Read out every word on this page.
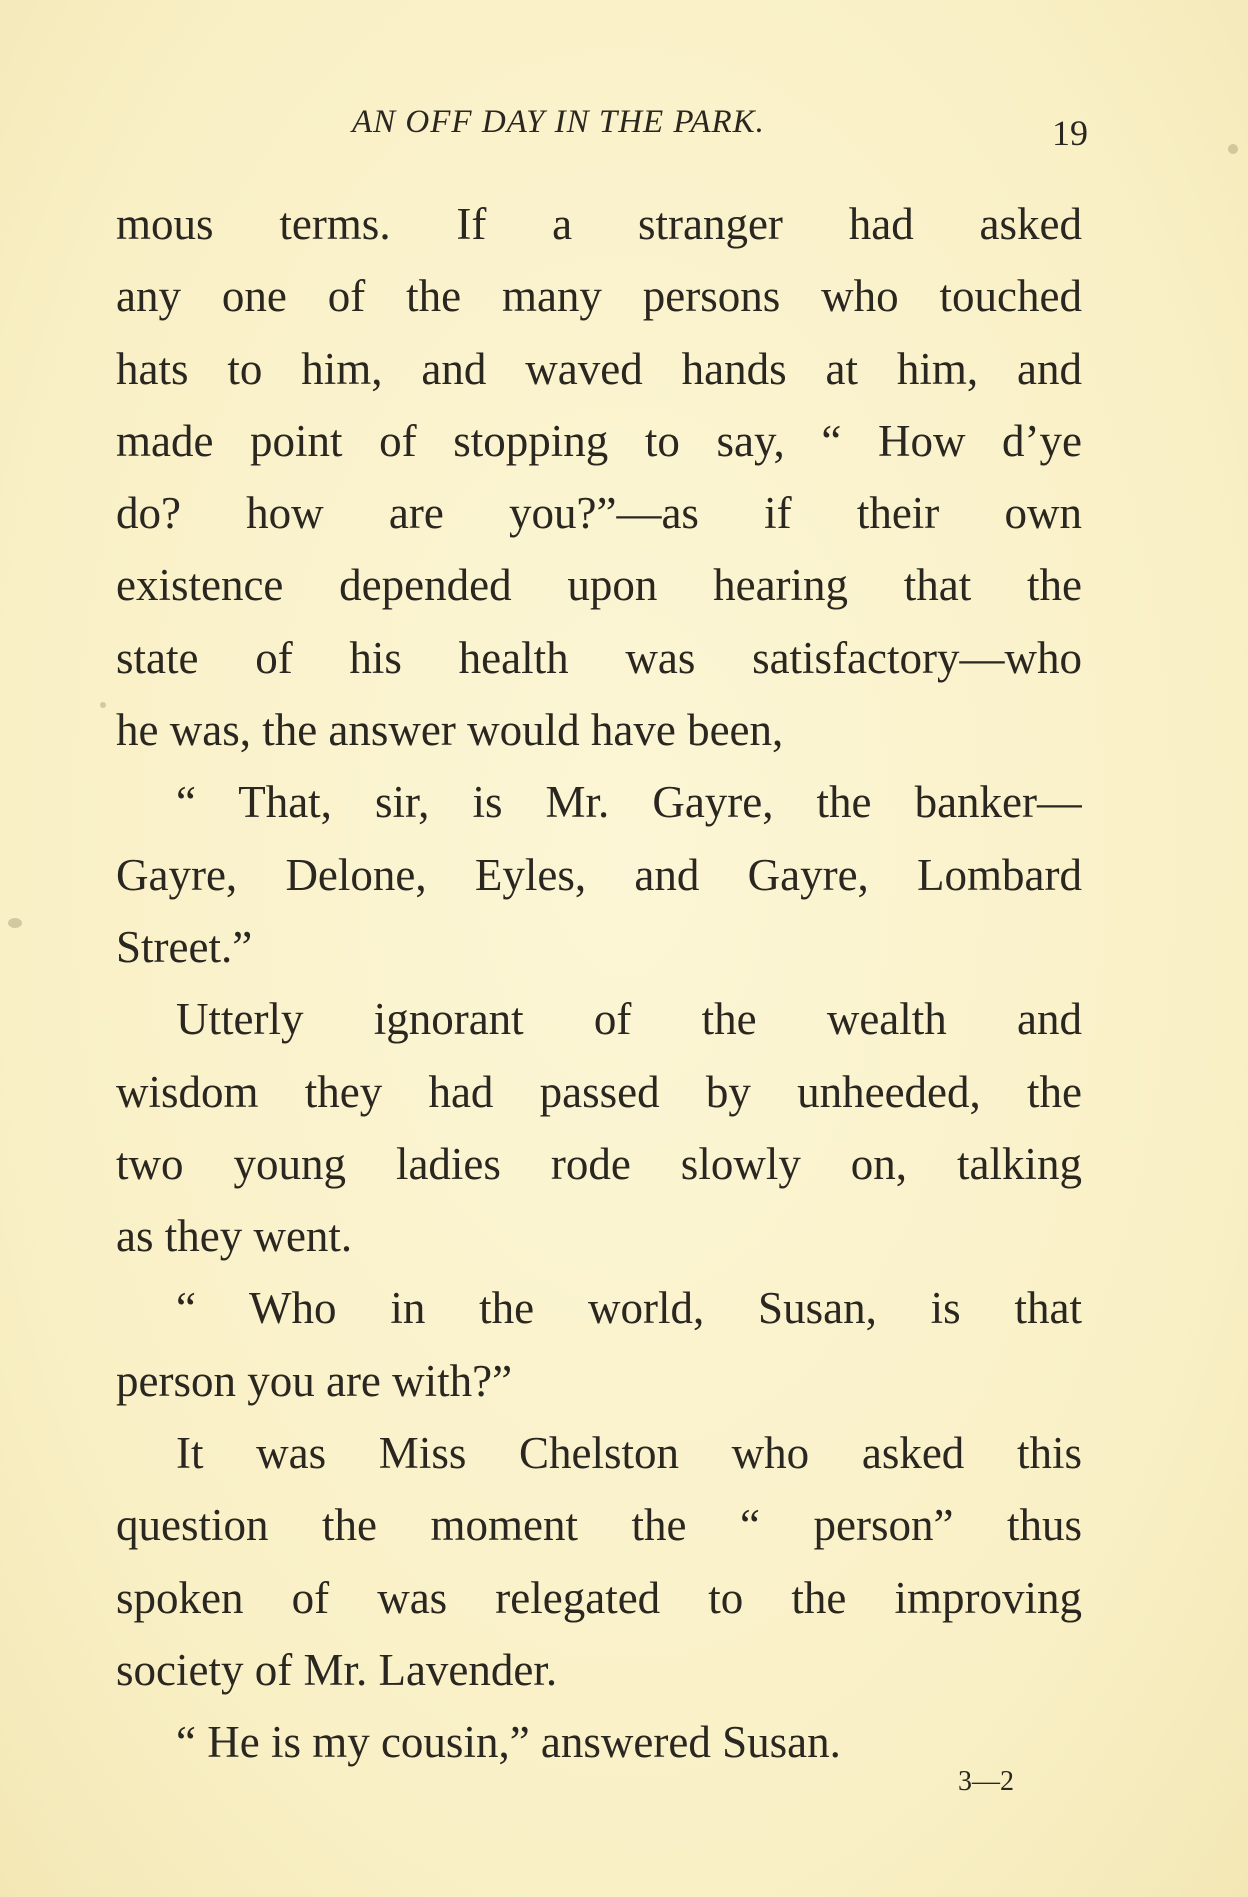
AN OFF DAY IN THE PARK.	19
mous terms. If a stranger had asked
any one of the many persons who touched
hats to him, and waved hands at him, and
made point of stopping to say, “ How d’ye
do? how are you?”—as if their own
existence depended upon hearing that the
state of his health was satisfactory—who
he was, the answer would have been,
“ That, sir, is Mr. Gayre, the banker—
Gayre, Delone, Eyles, and Gayre, Lombard
Street.”
Utterly ignorant of the wealth and
wisdom they had passed by unheeded, the
two young ladies rode slowly on, talking
as they went.
“ Who in the world, Susan, is that
person you are with?”
It was Miss Chelston who asked this
question the moment the “ person” thus
spoken of was relegated to the improving
society of Mr. Lavender.
“ He is my cousin,” answered Susan.
3—2
